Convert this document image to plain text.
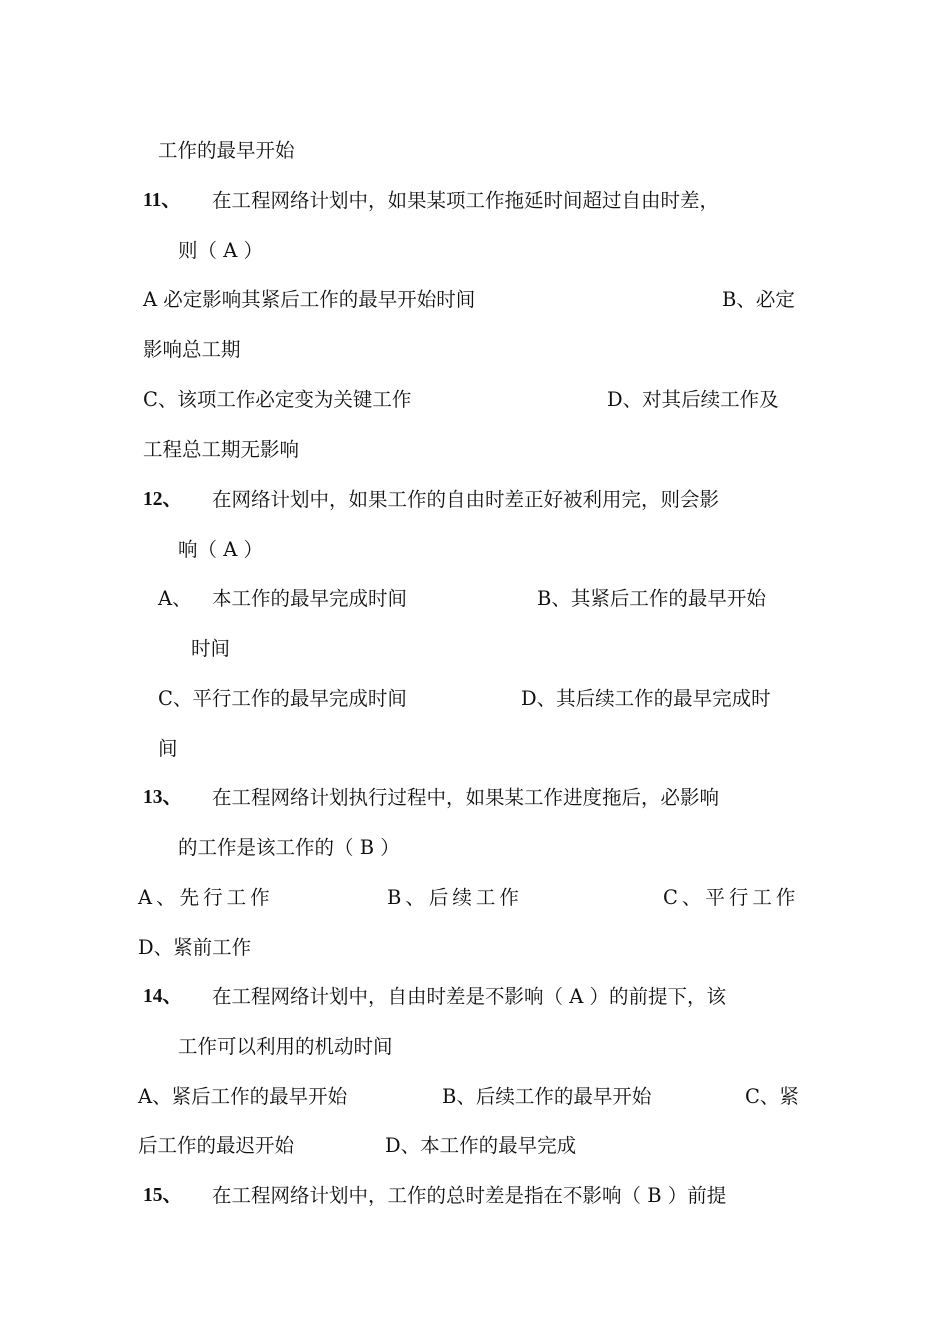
工作的最早开始
11、 在工程网络计划中，如果某项工作拖延时间超过自由时差，
则（ A ）
A 必定影响其紧后工作的最早开始时间	B、必定
影响总工期
C、该项工作必定变为关键工作	D、对其后续工作及
工程总工期无影响
12、 在网络计划中，如果工作的自由时差正好被利用完，则会影
响（ A ）
A、 本工作的最早完成时间	B、其紧后工作的最早开始
时间
C、平行工作的最早完成时间	D、其后续工作的最早完成时
间
13、 在工程网络计划执行过程中，如果某工作进度拖后，必影响
的工作是该工作的（ B ）
A、先行工作	B、后续工作	C、平行工作
D、紧前工作
14、 在工程网络计划中，自由时差是不影响（ A ）的前提下，该
工作可以利用的机动时间
A、紧后工作的最早开始	B、后续工作的最早开始	C、紧
后工作的最迟开始	D、本工作的最早完成
15、 在工程网络计划中，工作的总时差是指在不影响（ B ）前提
